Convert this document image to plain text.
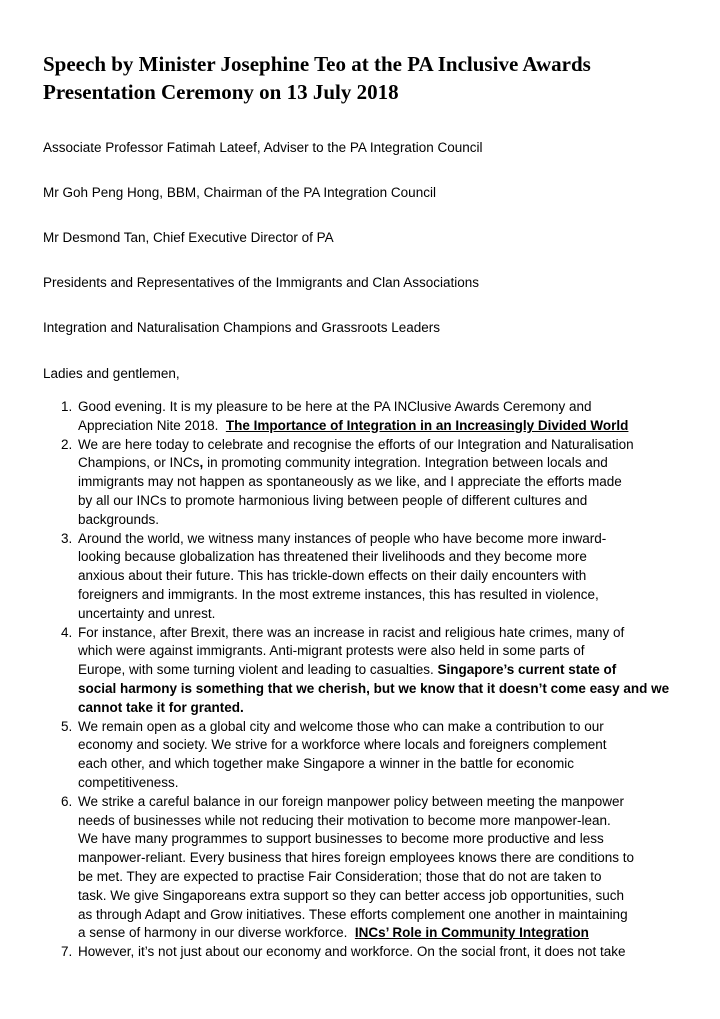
Speech by Minister Josephine Teo at the PA Inclusive Awards
Presentation Ceremony on 13 July 2018

Associate Professor Fatimah Lateef, Adviser to the PA Integration Council

Mr Goh Peng Hong, BBM, Chairman of the PA Integration Council

Mr Desmond Tan, Chief Executive Director of PA

Presidents and Representatives of the Immigrants and Clan Associations

Integration and Naturalisation Champions and Grassroots Leaders

Ladies and gentlemen,

1. Good evening. It is my pleasure to be here at the PA INClusive Awards Ceremony and
Appreciation Nite 2018. The Importance of Integration in an Increasingly Divided World
2. We are here today to celebrate and recognise the efforts of our Integration and Naturalisation
Champions, or INCs, in promoting community integration. Integration between locals and
immigrants may not happen as spontaneously as we like, and I appreciate the efforts made
by all our INCs to promote harmonious living between people of different cultures and
backgrounds.
3. Around the world, we witness many instances of people who have become more inward-
looking because globalization has threatened their livelihoods and they become more
anxious about their future. This has trickle-down effects on their daily encounters with
foreigners and immigrants. In the most extreme instances, this has resulted in violence,
uncertainty and unrest.
4. For instance, after Brexit, there was an increase in racist and religious hate crimes, many of
which were against immigrants. Anti-migrant protests were also held in some parts of
Europe, with some turning violent and leading to casualties. Singapore’s current state of
social harmony is something that we cherish, but we know that it doesn’t come easy and we cannot take it for granted.
5. We remain open as a global city and welcome those who can make a contribution to our
economy and society. We strive for a workforce where locals and foreigners complement
each other, and which together make Singapore a winner in the battle for economic
competitiveness.
6. We strike a careful balance in our foreign manpower policy between meeting the manpower
needs of businesses while not reducing their motivation to become more manpower-lean.
We have many programmes to support businesses to become more productive and less
manpower-reliant. Every business that hires foreign employees knows there are conditions to
be met. They are expected to practise Fair Consideration; those that do not are taken to
task. We give Singaporeans extra support so they can better access job opportunities, such
as through Adapt and Grow initiatives. These efforts complement one another in maintaining
a sense of harmony in our diverse workforce. INCs’ Role in Community Integration
7. However, it’s not just about our economy and workforce. On the social front, it does not take
